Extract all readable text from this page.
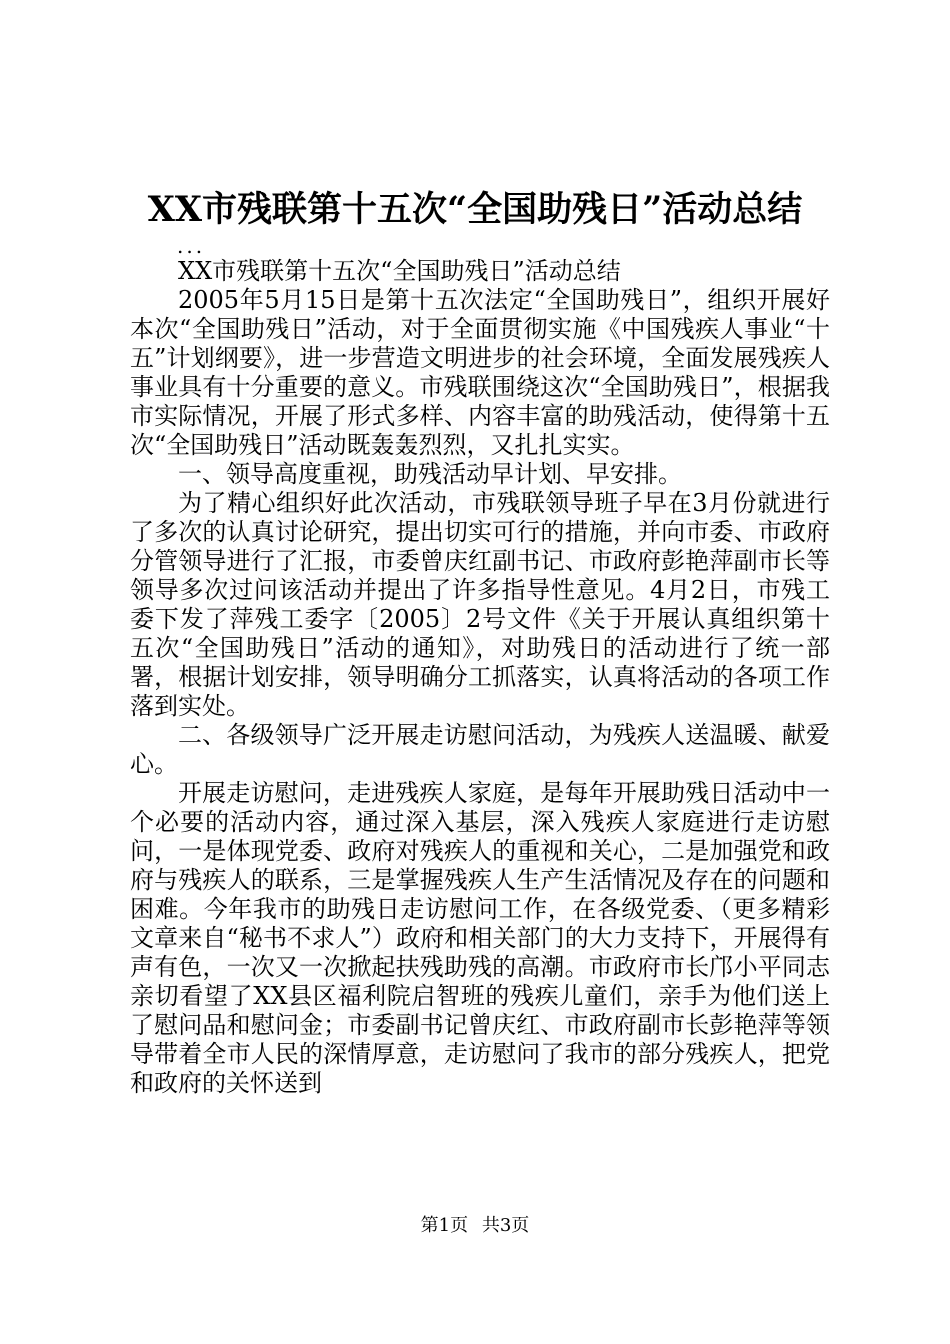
XX市残联第十五次“全国助残日”活动总结

...

XX市残联第十五次“全国助残日”活动总结

2005年5月15日是第十五次法定“全国助残日”，组织开展好本次“全国助残日”活动，对于全面贯彻实施《中国残疾人事业“十五”计划纲要》，进一步营造文明进步的社会环境，全面发展残疾人事业具有十分重要的意义。市残联围绕这次“全国助残日”，根据我市实际情况，开展了形式多样、内容丰富的助残活动，使得第十五次“全国助残日”活动既轰轰烈烈，又扎扎实实。

一、领导高度重视，助残活动早计划、早安排。

为了精心组织好此次活动，市残联领导班子早在3月份就进行了多次的认真讨论研究，提出切实可行的措施，并向市委、市政府分管领导进行了汇报，市委曾庆红副书记、市政府彭艳萍副市长等领导多次过问该活动并提出了许多指导性意见。4月2日，市残工委下发了萍残工委字〔2005〕2号文件《关于开展认真组织第十五次“全国助残日”活动的通知》，对助残日的活动进行了统一部署，根据计划安排，领导明确分工抓落实，认真将活动的各项工作落到实处。

二、各级领导广泛开展走访慰问活动，为残疾人送温暖、献爱心。

开展走访慰问，走进残疾人家庭，是每年开展助残日活动中一个必要的活动内容，通过深入基层，深入残疾人家庭进行走访慰问，一是体现党委、政府对残疾人的重视和关心，二是加强党和政府与残疾人的联系，三是掌握残疾人生产生活情况及存在的问题和困难。今年我市的助残日走访慰问工作，在各级党委、（更多精彩文章来自“秘书不求人”）政府和相关部门的大力支持下，开展得有声有色，一次又一次掀起扶残助残的高潮。市政府市长邝小平同志亲切看望了XX县区福利院启智班的残疾儿童们，亲手为他们送上了慰问品和慰问金；市委副书记曾庆红、市政府副市长彭艳萍等领导带着全市人民的深情厚意，走访慰问了我市的部分残疾人，把党和政府的关怀送到

第1页 共3页
